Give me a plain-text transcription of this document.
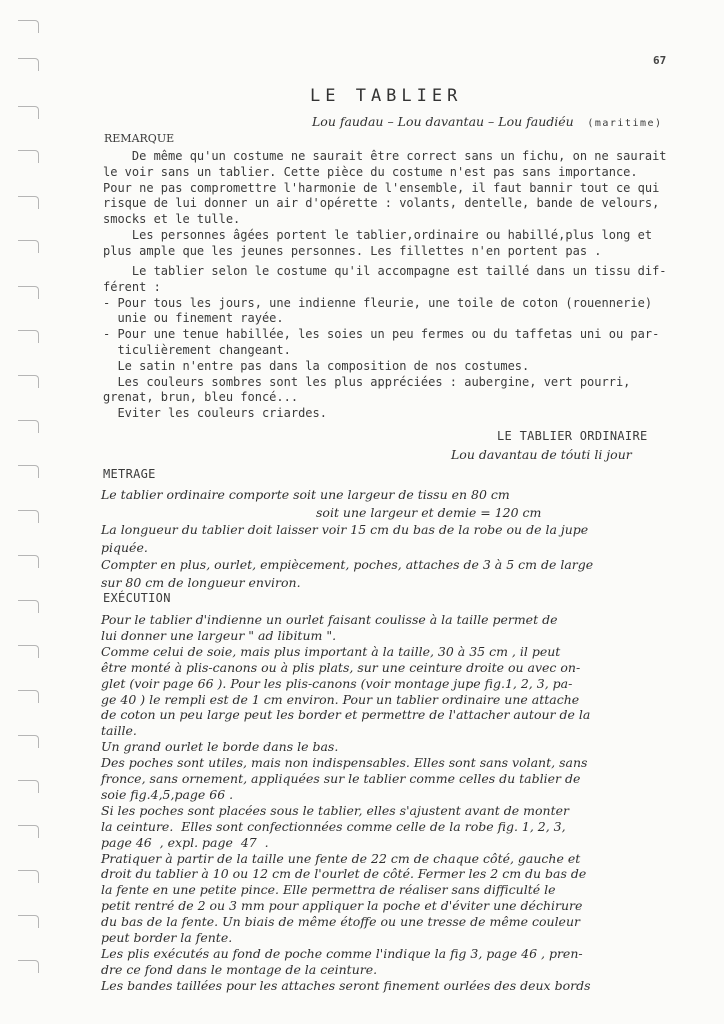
67
LE TABLIER
Lou faudau – Lou davantau – Lou faudiéu (maritime)
REMARQUE
De même qu'un costume ne saurait être correct sans un fichu, on ne saurait
le voir sans un tablier. Cette pièce du costume n'est pas sans importance.
Pour ne pas compromettre l'harmonie de l'ensemble, il faut bannir tout ce qui
risque de lui donner un air d'opérette : volants, dentelle, bande de velours,
smocks et le tulle.
Les personnes âgées portent le tablier,ordinaire ou habillé,plus long et
plus ample que les jeunes personnes. Les fillettes n'en portent pas .
Le tablier selon le costume qu'il accompagne est taillé dans un tissu dif-
férent :
- Pour tous les jours, une indienne fleurie, une toile de coton (rouennerie)
unie ou finement rayée.
- Pour une tenue habillée, les soies un peu fermes ou du taffetas uni ou par-
ticulièrement changeant.
Le satin n'entre pas dans la composition de nos costumes.
Les couleurs sombres sont les plus appréciées : aubergine, vert pourri,
grenat, brun, bleu foncé...
Eviter les couleurs criardes.
LE TABLIER ORDINAIRE
Lou davantau de tóuti li jour
METRAGE
Le tablier ordinaire comporte soit une largeur de tissu en 80 cm
soit une largeur et demie = 120 cm
La longueur du tablier doit laisser voir 15 cm du bas de la robe ou de la jupe
piquée.
Compter en plus, ourlet, empiècement, poches, attaches de 3 à 5 cm de large
sur 80 cm de longueur environ.
EXÉCUTION
Pour le tablier d'indienne un ourlet faisant coulisse à la taille permet de
lui donner une largeur " ad libitum ".
Comme celui de soie, mais plus important à la taille, 30 à 35 cm , il peut
être monté à plis-canons ou à plis plats, sur une ceinture droite ou avec on-
glet (voir page 66 ). Pour les plis-canons (voir montage jupe fig.1, 2, 3, pa-
ge 40 ) le rempli est de 1 cm environ. Pour un tablier ordinaire une attache
de coton un peu large peut les border et permettre de l'attacher autour de la
taille.
Un grand ourlet le borde dans le bas.
Des poches sont utiles, mais non indispensables. Elles sont sans volant, sans
fronce, sans ornement, appliquées sur le tablier comme celles du tablier de
soie fig.4,5,page 66 .
Si les poches sont placées sous le tablier, elles s'ajustent avant de monter
la ceinture.  Elles sont confectionnées comme celle de la robe fig. 1, 2, 3,
page 46  , expl. page  47  .
Pratiquer à partir de la taille une fente de 22 cm de chaque côté, gauche et
droit du tablier à 10 ou 12 cm de l'ourlet de côté. Fermer les 2 cm du bas de
la fente en une petite pince. Elle permettra de réaliser sans difficulté le
petit rentré de 2 ou 3 mm pour appliquer la poche et d'éviter une déchirure
du bas de la fente. Un biais de même étoffe ou une tresse de même couleur
peut border la fente.
Les plis exécutés au fond de poche comme l'indique la fig 3, page 46 , pren-
dre ce fond dans le montage de la ceinture.
Les bandes taillées pour les attaches seront finement ourlées des deux bords
